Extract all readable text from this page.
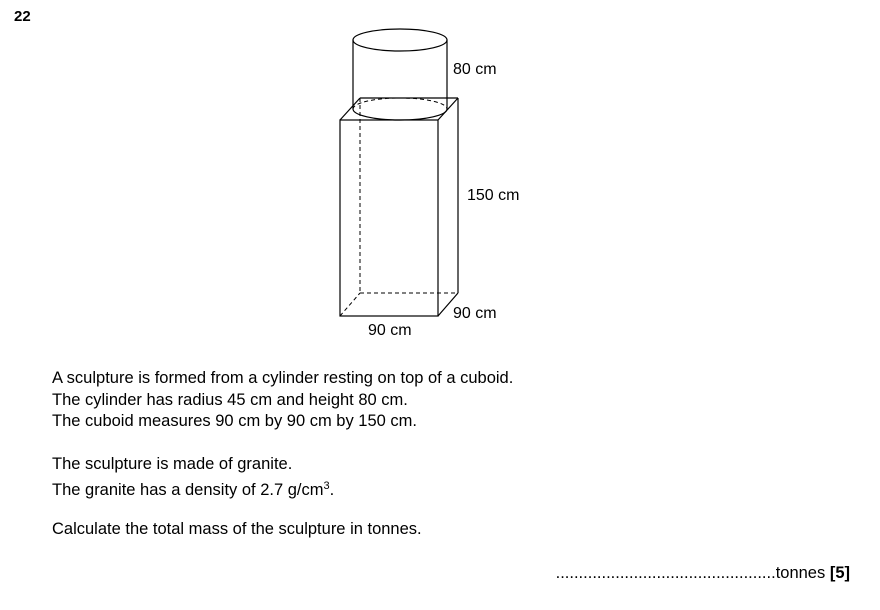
22
80 cm
150 cm
90 cm
90 cm

A sculpture is formed from a cylinder resting on top of a cuboid.

The cylinder has radius 45 cm and height 80 cm.

The cuboid measures 90 cm by 90 cm by 150 cm.

The sculpture is made of granite.

The granite has a density of 2.7 $g/cm^3$.

Calculate the total mass of the sculpture in tonnes.

................................................tonnes [5]
